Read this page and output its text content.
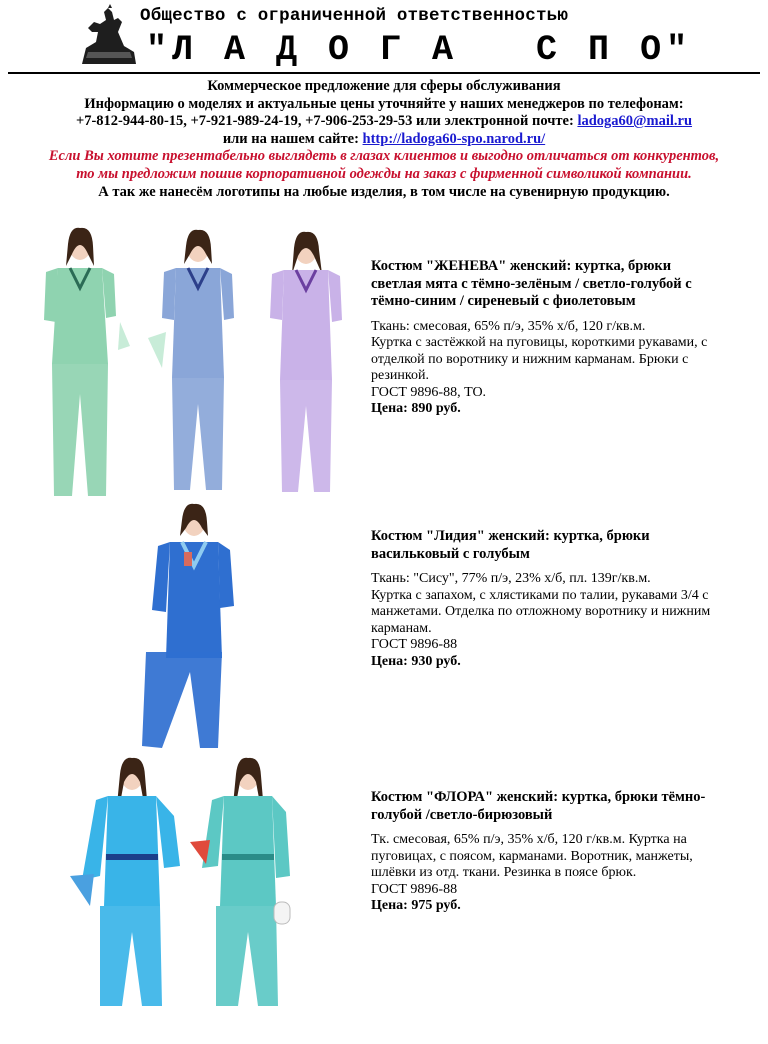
Общество с ограниченной ответственностью
"Л А Д О Г А   С П О"
Коммерческое предложение для сферы обслуживания
Информацию о моделях и актуальные цены уточняйте у наших менеджеров по телефонам:
+7-812-944-80-15, +7-921-989-24-19, +7-906-253-29-53 или электронной почте: ladoga60@mail.ru
или на нашем сайте: http://ladoga60-spo.narod.ru/
Если Вы хотите презентабельно выглядеть в глазах клиентов и выгодно отличаться от конкурентов,
то мы предложим пошив корпоративной одежды на заказ с фирменной символикой компании.
А так же нанесём логотипы на любые изделия, в том числе на сувенирную продукцию.
Костюм "ЖЕНЕВА" женский: куртка, брюки светлая мята с тёмно-зелёным / светло-голубой с тёмно-синим / сиреневый с фиолетовым
Ткань: смесовая, 65% п/э, 35% х/б, 120 г/кв.м.
Куртка с застёжкой на пуговицы, короткими рукавами, с отделкой по воротнику и нижним карманам. Брюки с резинкой.
ГОСТ 9896-88, ТО.
Цена: 890 руб.
Костюм "Лидия" женский: куртка, брюки васильковый с голубым
Ткань: "Сису", 77% п/э, 23% х/б, пл. 139г/кв.м.
Куртка с запахом, с хлястиками по талии, рукавами 3/4 с манжетами. Отделка по отложному воротнику и нижним карманам.
ГОСТ 9896-88
Цена: 930 руб.
Костюм "ФЛОРА" женский: куртка, брюки тёмно-голубой /светло-бирюзовый
Тк. смесовая, 65% п/э, 35% х/б, 120 г/кв.м. Куртка на пуговицах, с поясом, карманами. Воротник, манжеты, шлёвки из отд. ткани. Резинка в поясе брюк.
ГОСТ 9896-88
Цена: 975 руб.
